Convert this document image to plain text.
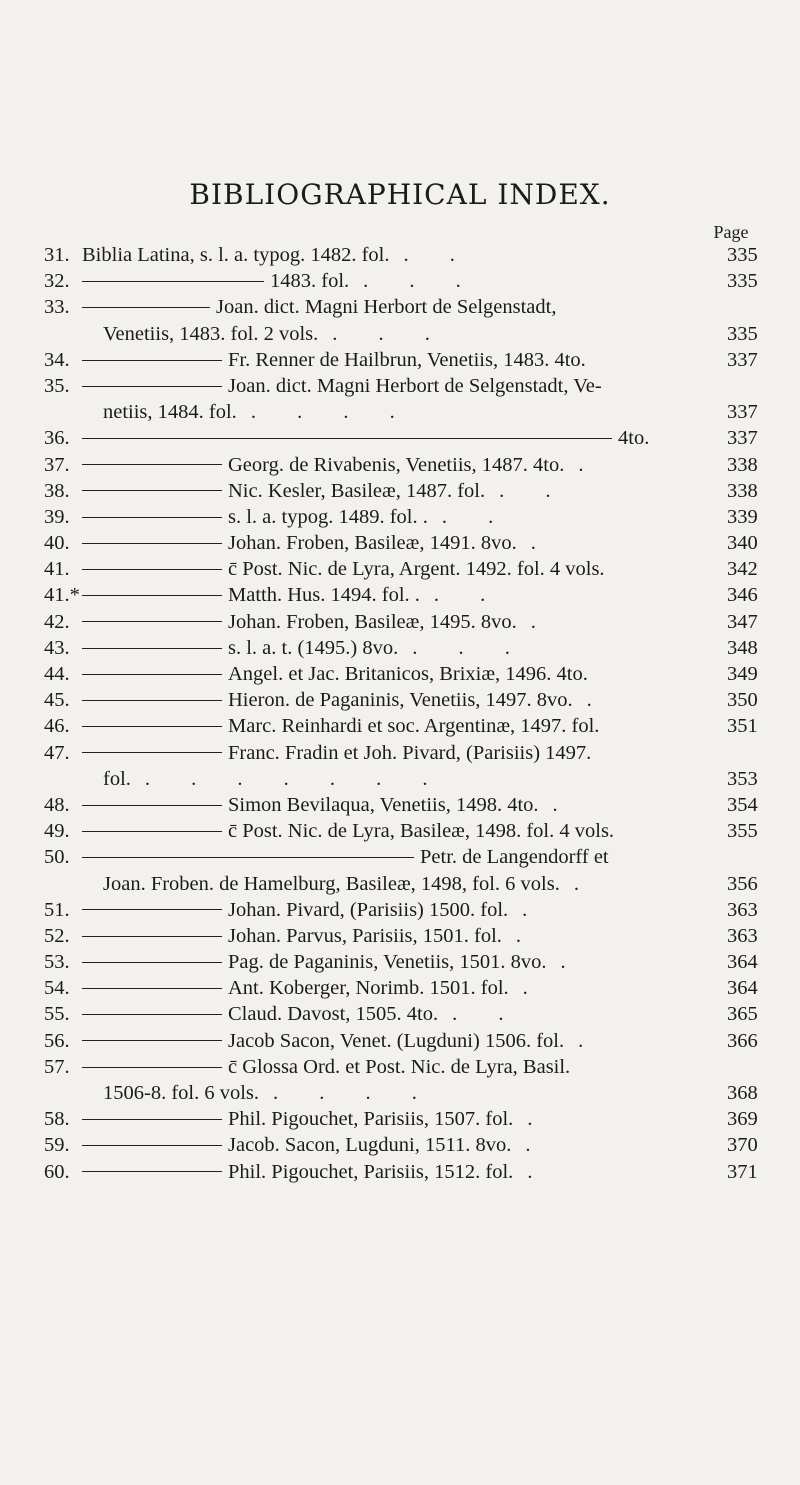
BIBLIOGRAPHICAL INDEX.
Page
31. Biblia Latina, s. l. a. typog. 1482. fol. . .	335
32.	1483. fol. . . .	335
33.	Joan. dict. Magni Herbort de Selgenstadt,
Venetiis, 1483. fol. 2 vols. . . .	335
34.	Fr. Renner de Hailbrun, Venetiis, 1483. 4to.	337
35.	Joan. dict. Magni Herbort de Selgenstadt, Ve-
netiis, 1484. fol. . . . .	337
36.	4to.	337
37.	Georg. de Rivabenis, Venetiis, 1487. 4to. .	338
38.	Nic. Kesler, Basileæ, 1487. fol. . .	338
39.	s. l. a. typog. 1489. fol. . . .	339
40.	Johan. Froben, Basileæ, 1491. 8vo. .	340
41.	c̄ Post. Nic. de Lyra, Argent. 1492. fol. 4 vols.	342
41.*	Matth. Hus. 1494. fol. . . .	346
42.	Johan. Froben, Basileæ, 1495. 8vo. .	347
43.	s. l. a. t. (1495.) 8vo. . . .	348
44.	Angel. et Jac. Britanicos, Brixiæ, 1496. 4to.	349
45.	Hieron. de Paganinis, Venetiis, 1497. 8vo. .	350
46.	Marc. Reinhardi et soc. Argentinæ, 1497. fol.	351
47.	Franc. Fradin et Joh. Pivard, (Parisiis) 1497.
fol. . . . . . . .	353
48.	Simon Bevilaqua, Venetiis, 1498. 4to. .	354
49.	c̄ Post. Nic. de Lyra, Basileæ, 1498. fol. 4 vols.	355
50.	Petr. de Langendorff et
Joan. Froben. de Hamelburg, Basileæ, 1498, fol. 6 vols. .	356
51.	Johan. Pivard, (Parisiis) 1500. fol. .	363
52.	Johan. Parvus, Parisiis, 1501. fol. .	363
53.	Pag. de Paganinis, Venetiis, 1501. 8vo. .	364
54.	Ant. Koberger, Norimb. 1501. fol. .	364
55.	Claud. Davost, 1505. 4to. . .	365
56.	Jacob Sacon, Venet. (Lugduni) 1506. fol. .	366
57.	c̄ Glossa Ord. et Post. Nic. de Lyra, Basil.
1506-8. fol. 6 vols. . . . .	368
58.	Phil. Pigouchet, Parisiis, 1507. fol. .	369
59.	Jacob. Sacon, Lugduni, 1511. 8vo. .	370
60.	Phil. Pigouchet, Parisiis, 1512. fol. .	371
